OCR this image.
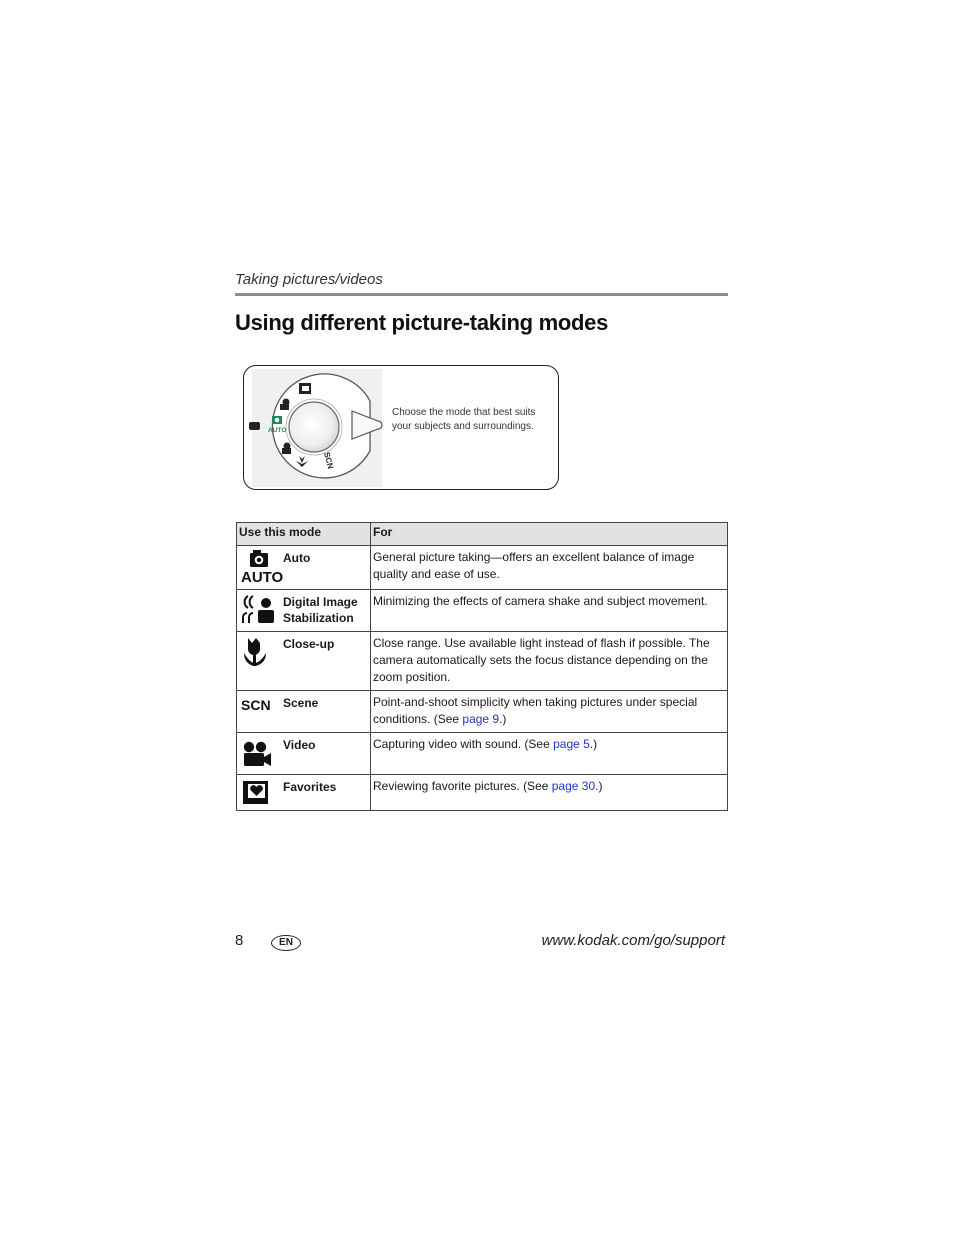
Taking pictures/videos
Using different picture-taking modes
AUTO
SCN
Choose the mode that best suits your subjects and surroundings.
Use this mode	For

AUTO
Auto	General picture taking—offers an excellent balance of image quality and ease of use.

Digital Image
Stabilization	Minimizing the effects of camera shake and subject movement.

Close-up	Close range. Use available light instead of flash if possible. The camera automatically sets the focus distance depending on the zoom position.

SCN Scene	Point-and-shoot simplicity when taking pictures under special conditions. (See page 9.)

Video	Capturing video with sound. (See page 5.)

Favorites	Reviewing favorite pictures. (See page 30.)
8	EN	www.kodak.com/go/support
